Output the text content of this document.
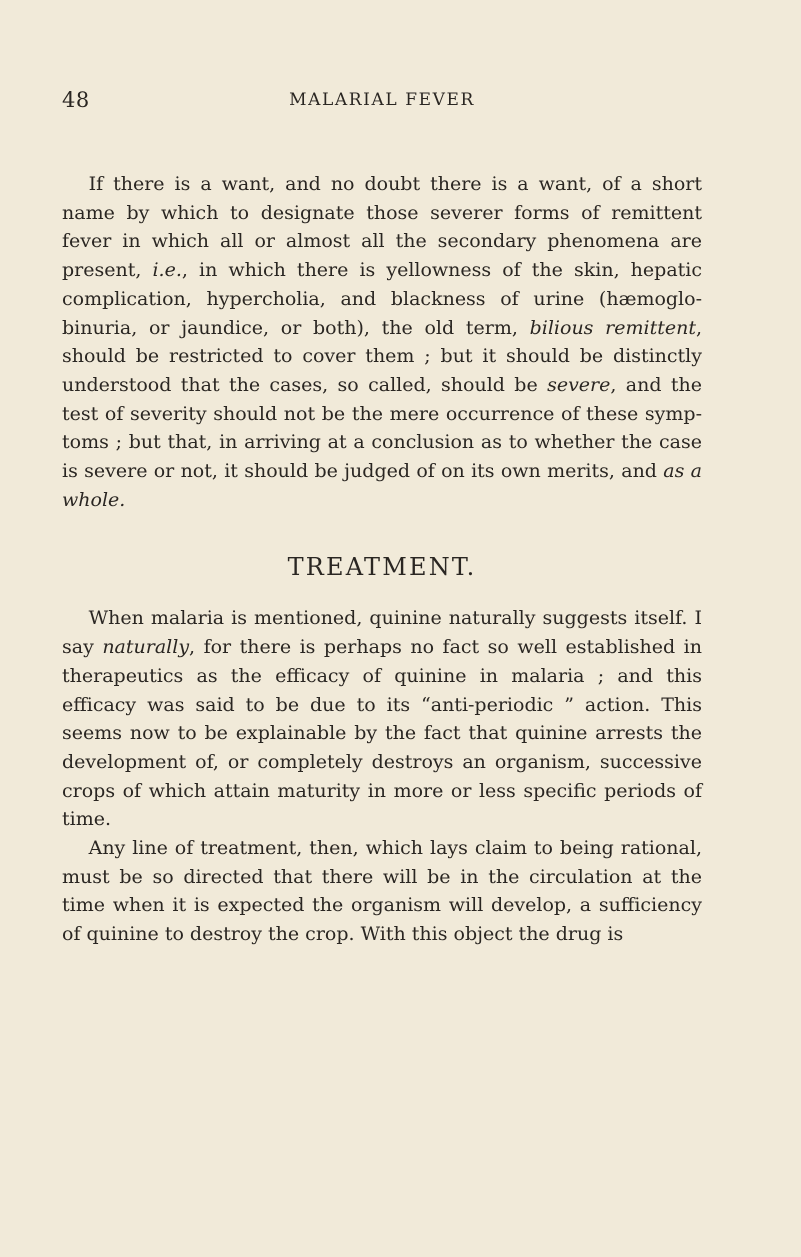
48	MALARIAL FEVER

If there is a want, and no doubt there is a want, of a short name by which to designate those severer forms of remittent fever in which all or almost all the secondary phenomena are present, i.e., in which there is yellowness of the skin, hepatic complication, hypercholia, and blackness of urine (hæmoglobinuria, or jaundice, or both), the old term, bilious remittent, should be restricted to cover them ; but it should be distinctly understood that the cases, so called, should be severe, and the test of severity should not be the mere occurrence of these symptoms ; but that, in arriving at a conclusion as to whether the case is severe or not, it should be judged of on its own merits, and as a whole.

TREATMENT.

When malaria is mentioned, quinine naturally suggests itself. I say naturally, for there is perhaps no fact so well established in therapeutics as the efficacy of quinine in malaria ; and this efficacy was said to be due to its “anti-periodic ” action. This seems now to be explainable by the fact that quinine arrests the development of, or completely destroys an organism, successive crops of which attain maturity in more or less specific periods of time.

Any line of treatment, then, which lays claim to being rational, must be so directed that there will be in the circulation at the time when it is expected the organism will develop, a sufficiency of quinine to destroy the crop. With this object the drug is
